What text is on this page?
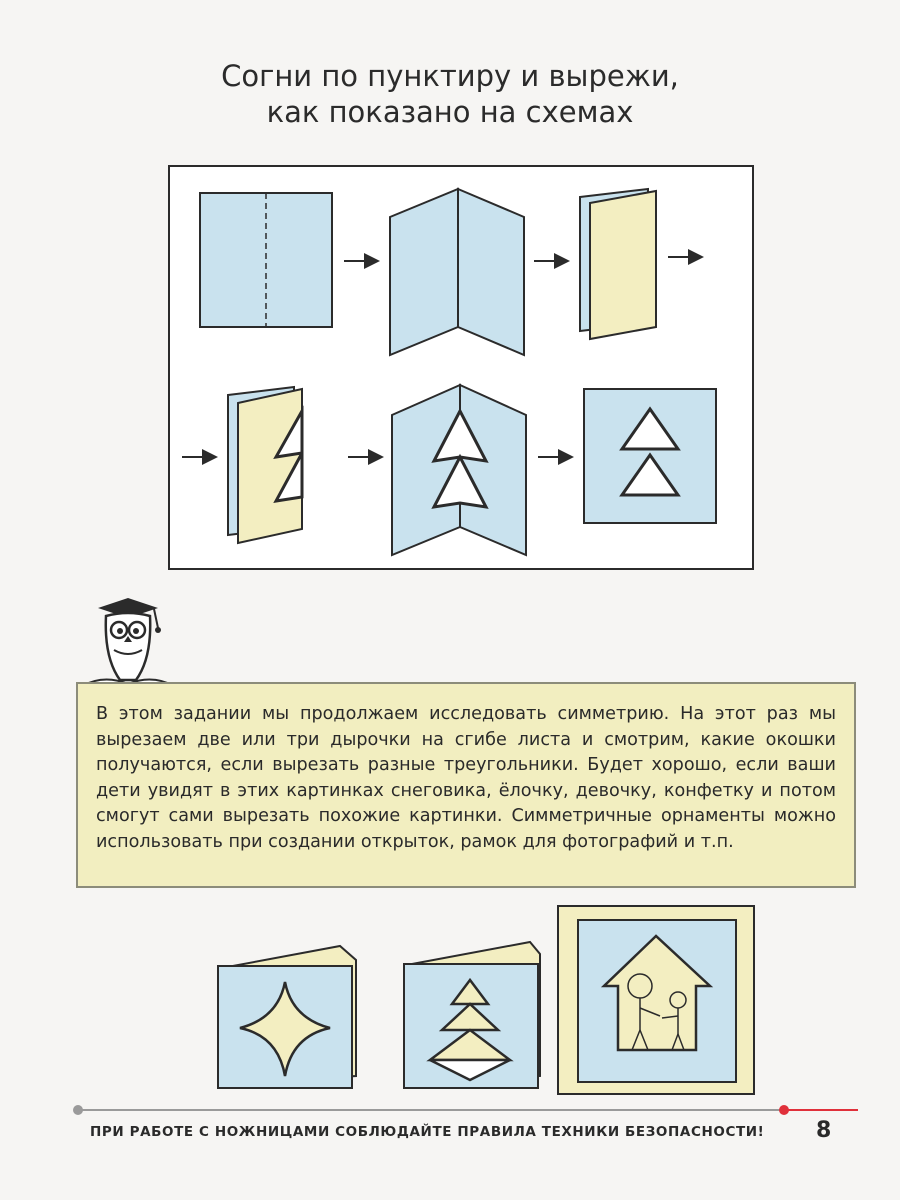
Согни по пунктиру и вырежи,
как показано на схемах

В этом задании мы продолжаем исследовать симметрию. На этот раз мы вырезаем две или три дырочки на сгибе листа и смотрим, какие окошки получаются, если вырезать разные треугольники. Будет хорошо, если ваши дети увидят в этих картинках снеговика, ёлочку, девочку, конфетку и потом смогут сами вырезать похожие картинки. Симметричные орнаменты можно использовать при создании открыток, рамок для фотографий и т.п.

ПРИ РАБОТЕ С НОЖНИЦАМИ СОБЛЮДАЙТЕ ПРАВИЛА ТЕХНИКИ БЕЗОПАСНОСТИ! 8
